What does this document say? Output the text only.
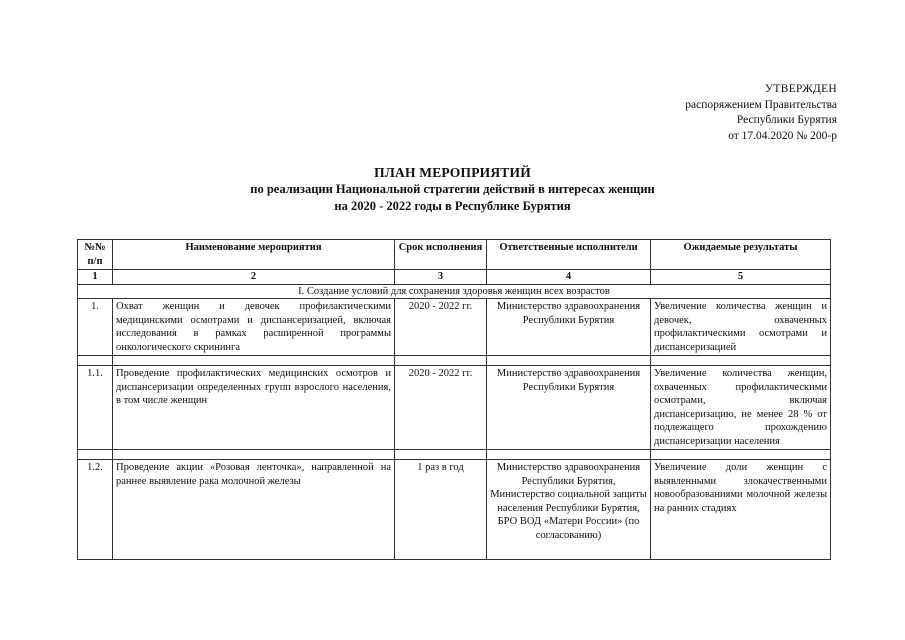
УТВЕРЖДЕН
распоряжением Правительства
Республики Бурятия
от 17.04.2020 № 200-р
ПЛАН МЕРОПРИЯТИЙ
по реализации Национальной стратегии действий в интересах женщин
на 2020 - 2022 годы в Республике Бурятия
№№ п/п	Наименование мероприятия	Срок исполнения	Ответственные исполнители	Ожидаемые результаты
1	2	3	4	5
I. Создание условий для сохранения здоровья женщин всех возрастов				
1.	Охват женщин и девочек профилактическими медицинскими осмотрами и диспансеризацией, включая исследования в рамках расширенной программы онкологического скрининга	2020 - 2022 гг.	Министерство здравоохранения Республики Бурятия	Увеличение количества женщин и девочек, охваченных профилактическими осмотрами и диспансеризацией

1.1.	Проведение профилактических медицинских осмотров и диспансеризации определенных групп взрослого населения, в том числе женщин	2020 - 2022 гг.	Министерство здравоохранения Республики Бурятия	Увеличение количества женщин, охваченных профилактическими осмотрами, включая диспансеризацию, не менее 28 % от подлежащего прохождению диспансеризации населения

1.2.	Проведение акции «Розовая ленточка», направленной на раннее выявление рака молочной железы	1 раз в год	Министерство здравоохранения Республики Бурятия, Министерство социальной защиты населения Республики Бурятия, БРО ВОД «Матери России» (по согласованию)	Увеличение доли женщин с выявленными злокачественными новообразованиями молочной железы на ранних стадиях
